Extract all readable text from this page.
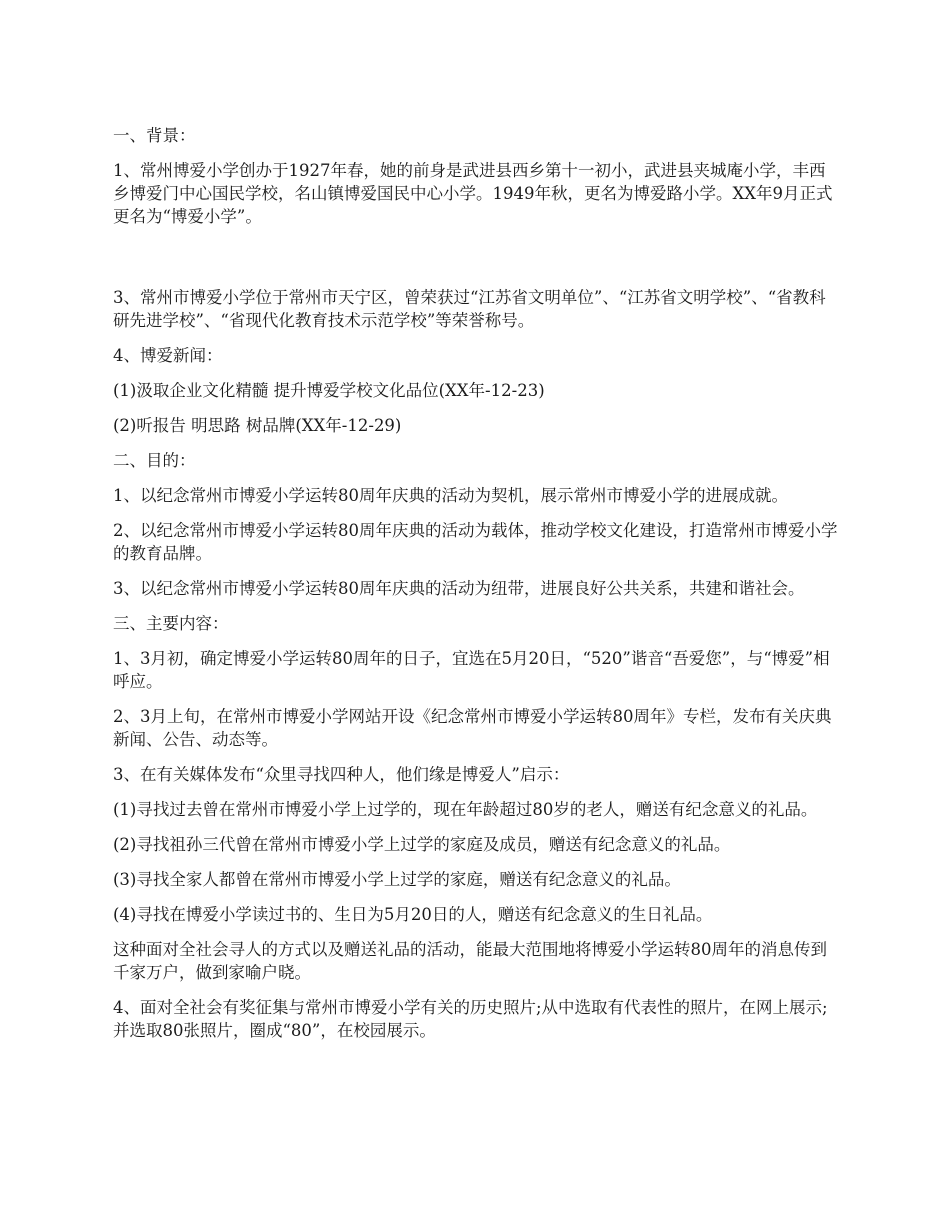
一、背景：

1、常州博爱小学创办于1927年春，她的前身是武进县西乡第十一初小，武进县夹城庵小学，丰西乡博爱门中心国民学校，名山镇博爱国民中心小学。1949年秋，更名为博爱路小学。XX年9月正式更名为“博爱小学”。

3、常州市博爱小学位于常州市天宁区，曾荣获过“江苏省文明单位”、“江苏省文明学校”、“省教科研先进学校”、“省现代化教育技术示范学校”等荣誉称号。

4、博爱新闻：

(1)汲取企业文化精髓 提升博爱学校文化品位(XX年-12-23)

(2)听报告 明思路 树品牌(XX年-12-29)

二、目的：

1、以纪念常州市博爱小学运转80周年庆典的活动为契机，展示常州市博爱小学的进展成就。

2、以纪念常州市博爱小学运转80周年庆典的活动为载体，推动学校文化建设，打造常州市博爱小学的教育品牌。

3、以纪念常州市博爱小学运转80周年庆典的活动为纽带，进展良好公共关系，共建和谐社会。

三、主要内容：

1、3月初，确定博爱小学运转80周年的日子，宜选在5月20日，“520”谐音“吾爱您”，与“博爱”相呼应。

2、3月上旬，在常州市博爱小学网站开设《纪念常州市博爱小学运转80周年》专栏，发布有关庆典新闻、公告、动态等。

3、在有关媒体发布“众里寻找四种人，他们缘是博爱人”启示：

(1)寻找过去曾在常州市博爱小学上过学的，现在年龄超过80岁的老人，赠送有纪念意义的礼品。

(2)寻找祖孙三代曾在常州市博爱小学上过学的家庭及成员，赠送有纪念意义的礼品。

(3)寻找全家人都曾在常州市博爱小学上过学的家庭，赠送有纪念意义的礼品。

(4)寻找在博爱小学读过书的、生日为5月20日的人，赠送有纪念意义的生日礼品。

这种面对全社会寻人的方式以及赠送礼品的活动，能最大范围地将博爱小学运转80周年的消息传到千家万户，做到家喻户晓。

4、面对全社会有奖征集与常州市博爱小学有关的历史照片;从中选取有代表性的照片，在网上展示;并选取80张照片，圈成“80”，在校园展示。
